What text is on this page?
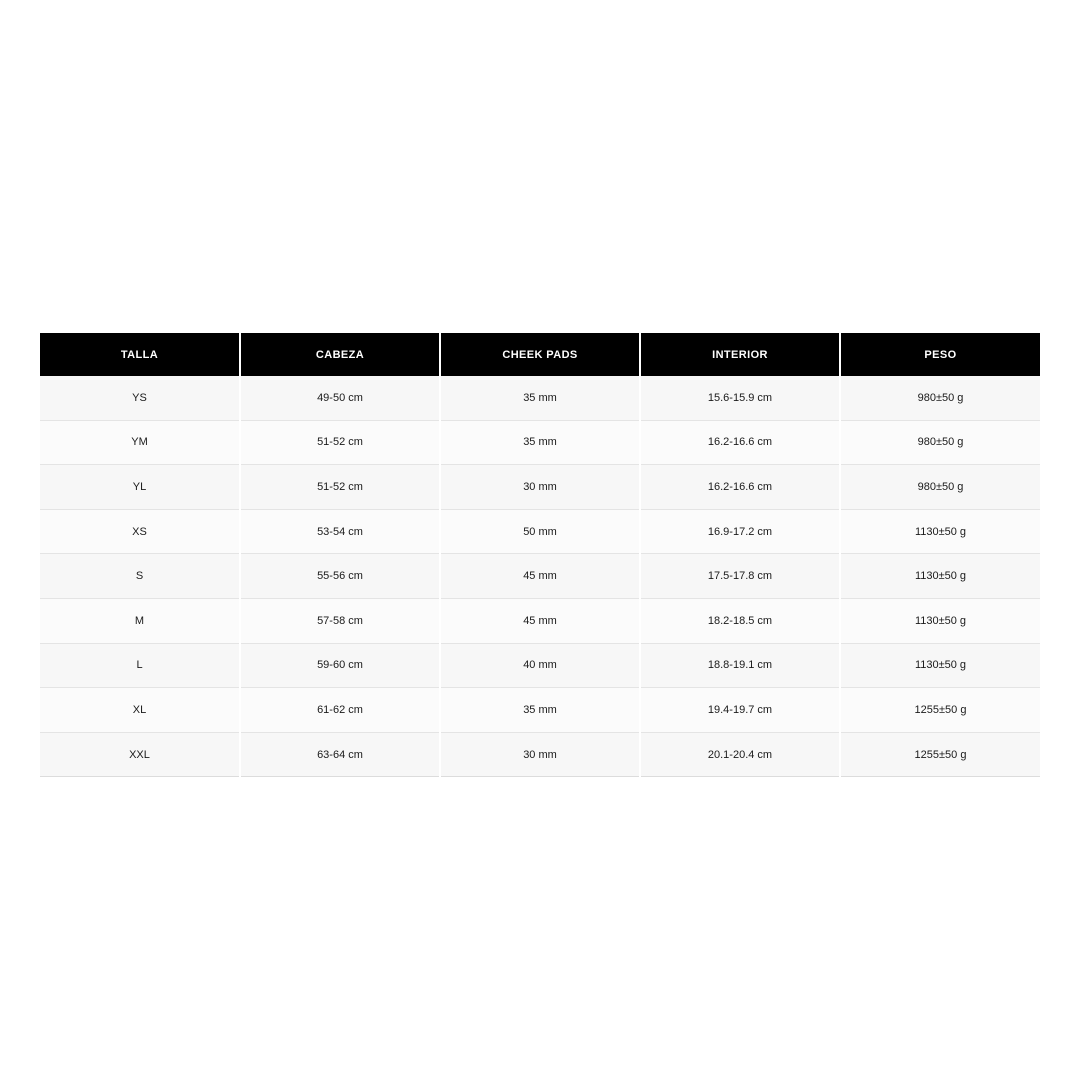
TALLA	CABEZA	CHEEK PADS	INTERIOR	PESO
YS	49-50 cm	35 mm	15.6-15.9 cm	980±50 g
YM	51-52 cm	35 mm	16.2-16.6 cm	980±50 g
YL	51-52 cm	30 mm	16.2-16.6 cm	980±50 g
XS	53-54 cm	50 mm	16.9-17.2 cm	1130±50 g
S	55-56 cm	45 mm	17.5-17.8 cm	1130±50 g
M	57-58 cm	45 mm	18.2-18.5 cm	1130±50 g
L	59-60 cm	40 mm	18.8-19.1 cm	1130±50 g
XL	61-62 cm	35 mm	19.4-19.7 cm	1255±50 g
XXL	63-64 cm	30 mm	20.1-20.4 cm	1255±50 g
